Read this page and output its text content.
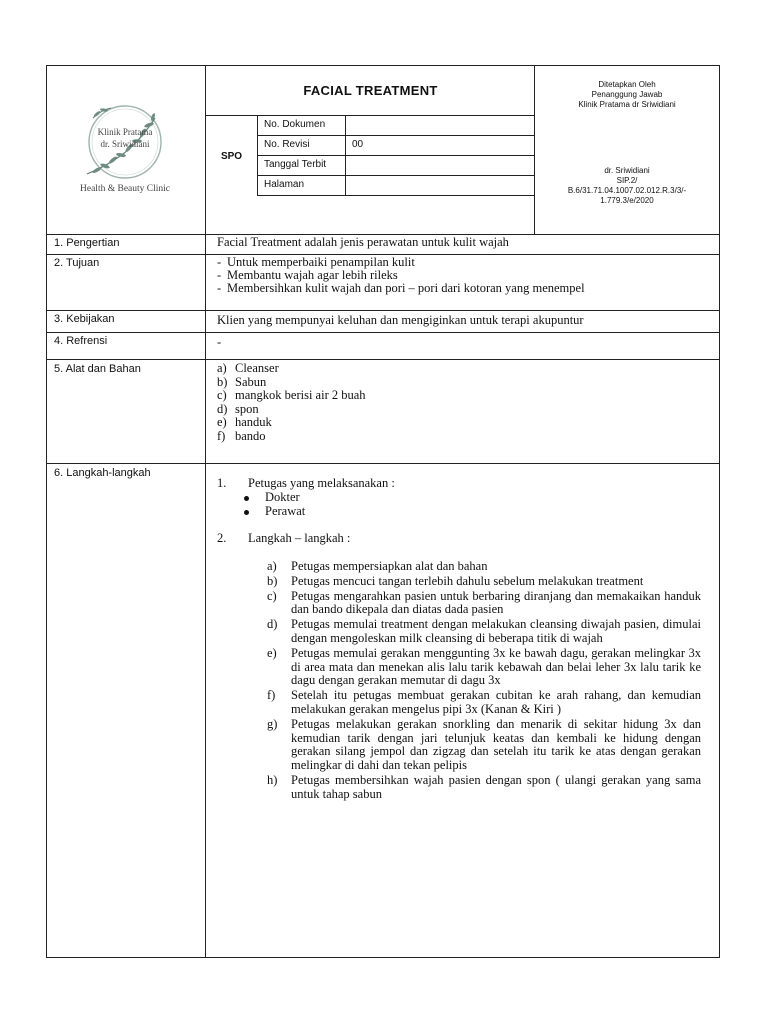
Klinik Pratama
dr. Sriwidiani
Health & Beauty Clinic
FACIAL TREATMENT
SPO
No. Dokumen
No. Revisi	00
Tanggal Terbit
Halaman
Ditetapkan Oleh
Penanggung Jawab
Klinik Pratama dr Sriwidiani
dr. Sriwidiani
SIP.2/
B.6/31.71.04.1007.02.012.R.3/3/-
1.779.3/e/2020
1. Pengertian	Facial Treatment adalah jenis perawatan untuk kulit wajah
2. Tujuan
-	Untuk memperbaiki penampilan kulit
- Membantu wajah agar lebih rileks
- Membersihkan kulit wajah dan pori – pori dari kotoran yang menempel
3. Kebijakan	Klien yang mempunyai keluhan dan mengiginkan untuk terapi akupuntur
4. Refrensi	-
5. Alat dan Bahan	a) Cleanser
b) Sabun
c) mangkok berisi air 2 buah
d) spon
e) handuk
f) bando
6. Langkah-langkah
1. Petugas yang melaksanakan :
Dokter
Perawat
2. Langkah – langkah :
a) Petugas mempersiapkan alat dan bahan
b) Petugas mencuci tangan terlebih dahulu sebelum melakukan treatment
c) Petugas mengarahkan pasien untuk berbaring diranjang dan memakaikan handuk dan bando dikepala dan diatas dada pasien
d) Petugas memulai treatment dengan melakukan cleansing diwajah pasien, dimulai dengan mengoleskan milk cleansing di beberapa titik di wajah
e) Petugas memulai gerakan menggunting 3x ke bawah dagu, gerakan melingkar 3x di area mata dan menekan alis lalu tarik kebawah dan belai leher 3x lalu tarik ke dagu dengan gerakan memutar di dagu 3x
f) Setelah itu petugas membuat gerakan cubitan ke arah rahang, dan kemudian melakukan gerakan mengelus pipi 3x (Kanan & Kiri )
g) Petugas melakukan gerakan snorkling dan menarik di sekitar hidung 3x dan kemudian tarik dengan jari telunjuk keatas dan kembali ke hidung dengan gerakan silang jempol dan zigzag dan setelah itu tarik ke atas dengan gerakan melingkar di dahi dan tekan pelipis
h) Petugas membersihkan wajah pasien dengan spon ( ulangi gerakan yang sama untuk tahap sabun
